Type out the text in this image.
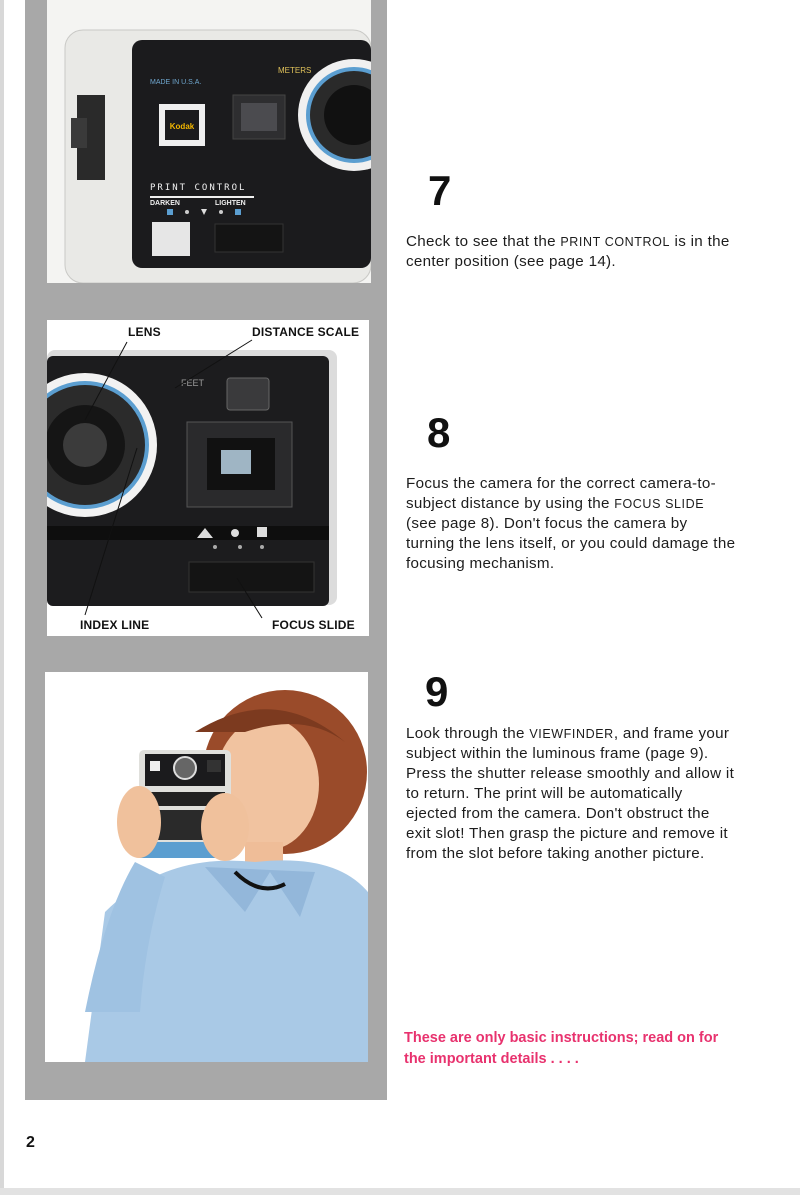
MADE IN U.S.A.
Kodak
METERS
PRINT CONTROL
DARKEN	LIGHTEN
FEET
LENS	DISTANCE SCALE
INDEX LINE	FOCUS SLIDE
7
Check to see that the PRINT CONTROL is in the center position (see page 14).
8
Focus the camera for the correct camera-to-subject distance by using the FOCUS SLIDE (see page 8). Don't focus the camera by turning the lens itself, or you could damage the focusing mechanism.
9
Look through the VIEWFINDER, and frame your subject within the luminous frame (page 9). Press the shutter release smoothly and allow it to return. The print will be automatically ejected from the camera. Don't obstruct the exit slot! Then grasp the picture and remove it from the slot before taking another picture.
These are only basic instructions; read on for the important details . . . .
2
